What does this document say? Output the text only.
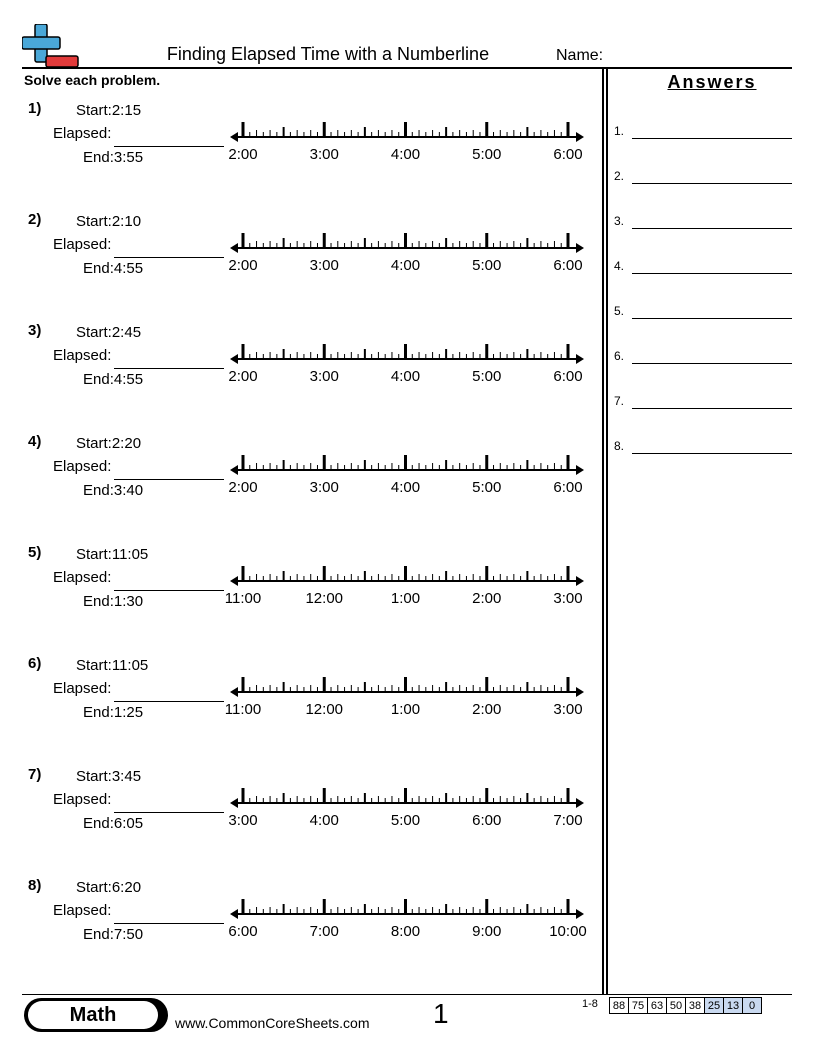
Finding Elapsed Time with a Numberline	Name:
Solve each problem.	Answers
1.
2.
3.
4.
5.
6.
7.
8.
1) Start:2:15
Elapsed:
End:3:55	2:00	3:00	4:00	5:00	6:00
2) Start:2:10
Elapsed:
End:4:55	2:00	3:00	4:00	5:00	6:00
3) Start:2:45
Elapsed:
End:4:55	2:00	3:00	4:00	5:00	6:00
4) Start:2:20
Elapsed:
End:3:40	2:00	3:00	4:00	5:00	6:00
5) Start:11:05
Elapsed:
End:1:30	11:00	12:00	1:00	2:00	3:00
6) Start:11:05
Elapsed:
End:1:25	11:00	12:00	1:00	2:00	3:00
7) Start:3:45
Elapsed:
End:6:05	3:00	4:00	5:00	6:00	7:00
8) Start:6:20
Elapsed:
End:7:50	6:00	7:00	8:00	9:00	10:00
Math	www.CommonCoreSheets.com 1	1-8 88	75	63	50	38	25	13	0
